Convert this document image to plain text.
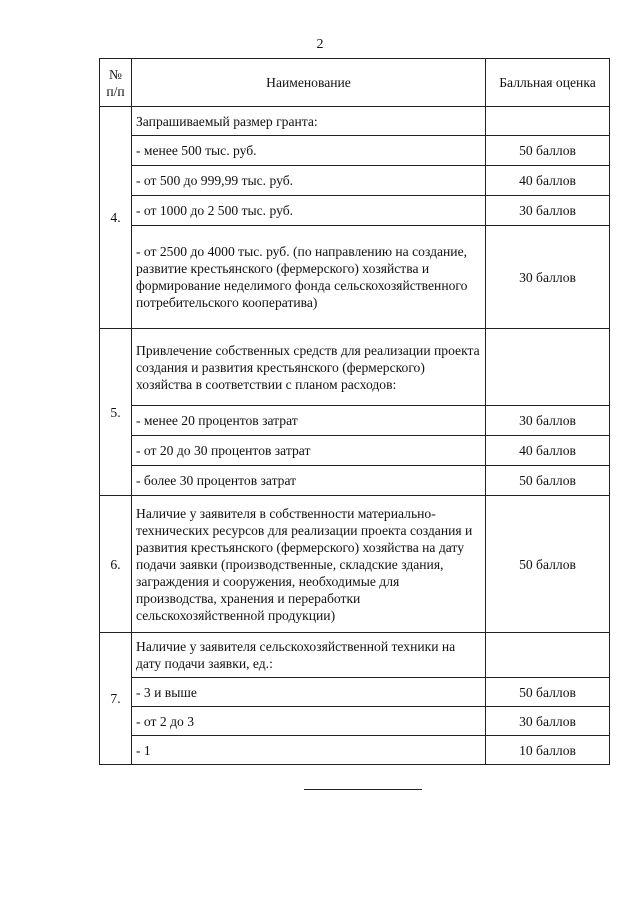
2
№ п/п	Наименование	Балльная оценка
4.	Запрашиваемый размер гранта:	
	- менее 500 тыс. руб.	50 баллов
	- от 500 до 999,99 тыс. руб.	40 баллов
	- от 1000 до 2 500 тыс. руб.	30 баллов
	- от 2500 до 4000 тыс. руб. (по направлению на создание, развитие крестьянского (фермерского) хозяйства и формирование неделимого фонда сельскохозяйственного потребительского кооператива)	30 баллов
5.	Привлечение собственных средств для реализации проекта создания и развития крестьянского (фермерского) хозяйства в соответствии с планом расходов:	
	- менее 20 процентов затрат	30 баллов
	- от 20 до 30 процентов затрат	40 баллов
	- более 30 процентов затрат	50 баллов
6.	Наличие у заявителя в собственности материально-технических ресурсов для реализации проекта создания и развития крестьянского (фермерского) хозяйства на дату подачи заявки (производственные, складские здания, заграждения и сооружения, необходимые для производства, хранения и переработки сельскохозяйственной продукции)	50 баллов
7.	Наличие у заявителя сельскохозяйственной техники на дату подачи заявки, ед.:	
	- 3 и выше	50 баллов
	- от 2 до 3	30 баллов
	- 1	10 баллов
